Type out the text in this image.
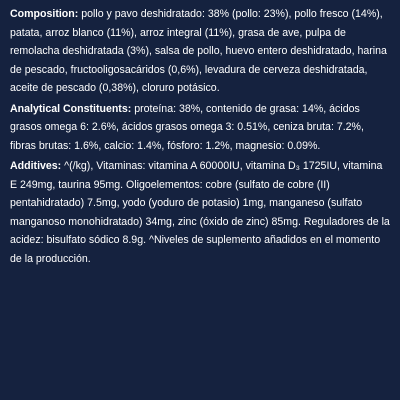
Composition: pollo y pavo deshidratado: 38% (pollo: 23%), pollo fresco (14%), patata, arroz blanco (11%), arroz integral (11%), grasa de ave, pulpa de remolacha deshidratada (3%), salsa de pollo, huevo entero deshidratado, harina de pescado, fructooligosacáridos (0,6%), levadura de cerveza deshidratada, aceite de pescado (0,38%), cloruro potásico.
Analytical Constituents: proteína: 38%, contenido de grasa: 14%, ácidos grasos omega 6: 2.6%, ácidos grasos omega 3: 0.51%, ceniza bruta: 7.2%, fibras brutas: 1.6%, calcio: 1.4%, fósforo: 1.2%, magnesio: 0.09%.
Additives: ^(/kg), Vitaminas: vitamina A 60000IU, vitamina D₃ 1725IU, vitamina E 249mg, taurina 95mg. Oligoelementos: cobre (sulfato de cobre (II) pentahidratado) 7.5mg, yodo (yoduro de potasio) 1mg, manganeso (sulfato manganoso monohidratado) 34mg, zinc (óxido de zinc) 85mg. Reguladores de la acidez: bisulfato sódico 8.9g. ^Niveles de suplemento añadidos en el momento de la producción.
